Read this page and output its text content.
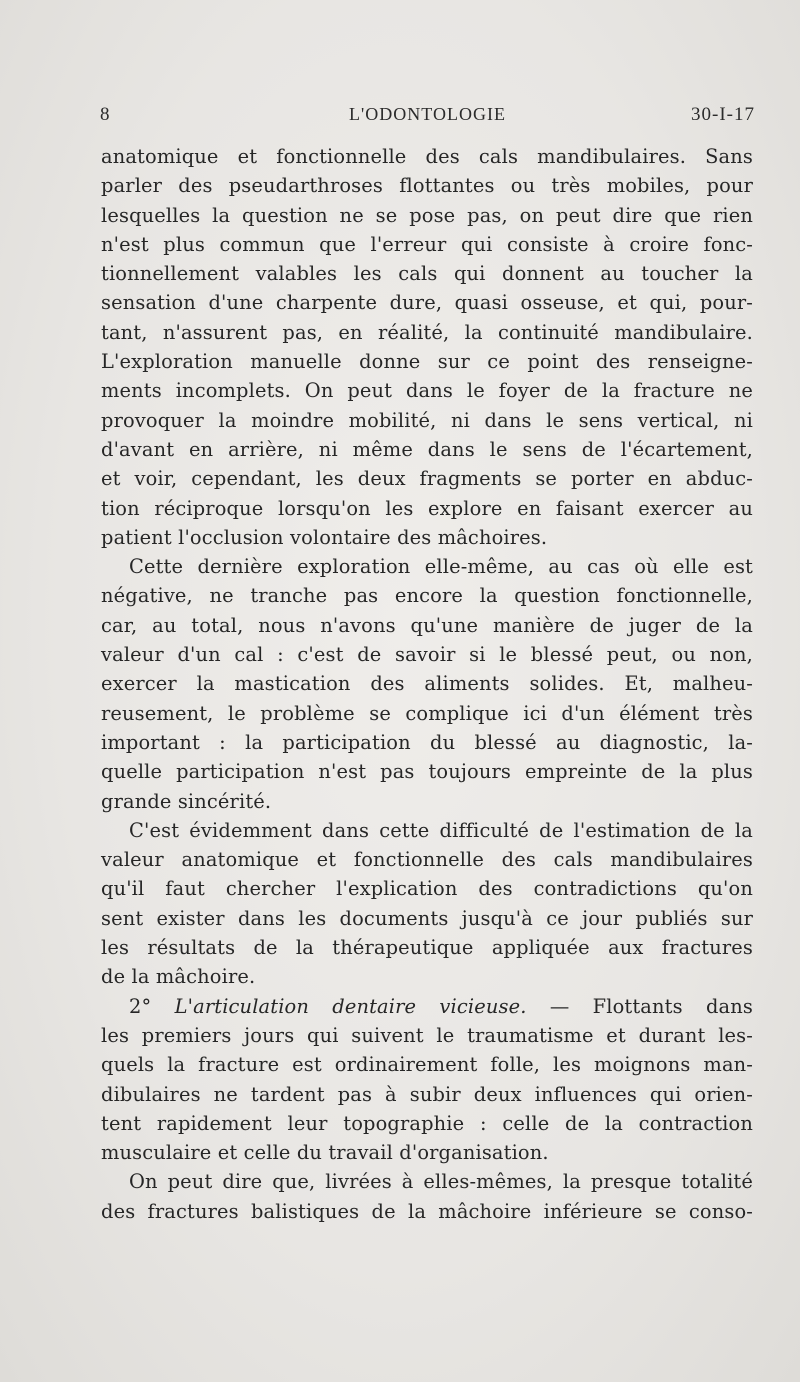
8	L'ODONTOLOGIE	30-I-17
anatomique et fonctionnelle des cals mandibulaires. Sans
parler des pseudarthroses flottantes ou très mobiles, pour
lesquelles la question ne se pose pas, on peut dire que rien
n'est plus commun que l'erreur qui consiste à croire fonc-
tionnellement valables les cals qui donnent au toucher la
sensation d'une charpente dure, quasi osseuse, et qui, pour-
tant, n'assurent pas, en réalité, la continuité mandibulaire.
L'exploration manuelle donne sur ce point des renseigne-
ments incomplets. On peut dans le foyer de la fracture ne
provoquer la moindre mobilité, ni dans le sens vertical, ni
d'avant en arrière, ni même dans le sens de l'écartement,
et voir, cependant, les deux fragments se porter en abduc-
tion réciproque lorsqu'on les explore en faisant exercer au
patient l'occlusion volontaire des mâchoires.
Cette dernière exploration elle-même, au cas où elle est
négative, ne tranche pas encore la question fonctionnelle,
car, au total, nous n'avons qu'une manière de juger de la
valeur d'un cal : c'est de savoir si le blessé peut, ou non,
exercer la mastication des aliments solides. Et, malheu-
reusement, le problème se complique ici d'un élément très
important : la participation du blessé au diagnostic, la-
quelle participation n'est pas toujours empreinte de la plus
grande sincérité.
C'est évidemment dans cette difficulté de l'estimation de la
valeur anatomique et fonctionnelle des cals mandibulaires
qu'il faut chercher l'explication des contradictions qu'on
sent exister dans les documents jusqu'à ce jour publiés sur
les résultats de la thérapeutique appliquée aux fractures
de la mâchoire.
2° L'articulation dentaire vicieuse. — Flottants dans
les premiers jours qui suivent le traumatisme et durant les-
quels la fracture est ordinairement folle, les moignons man-
dibulaires ne tardent pas à subir deux influences qui orien-
tent rapidement leur topographie : celle de la contraction
musculaire et celle du travail d'organisation.
On peut dire que, livrées à elles-mêmes, la presque totalité
des fractures balistiques de la mâchoire inférieure se conso-
